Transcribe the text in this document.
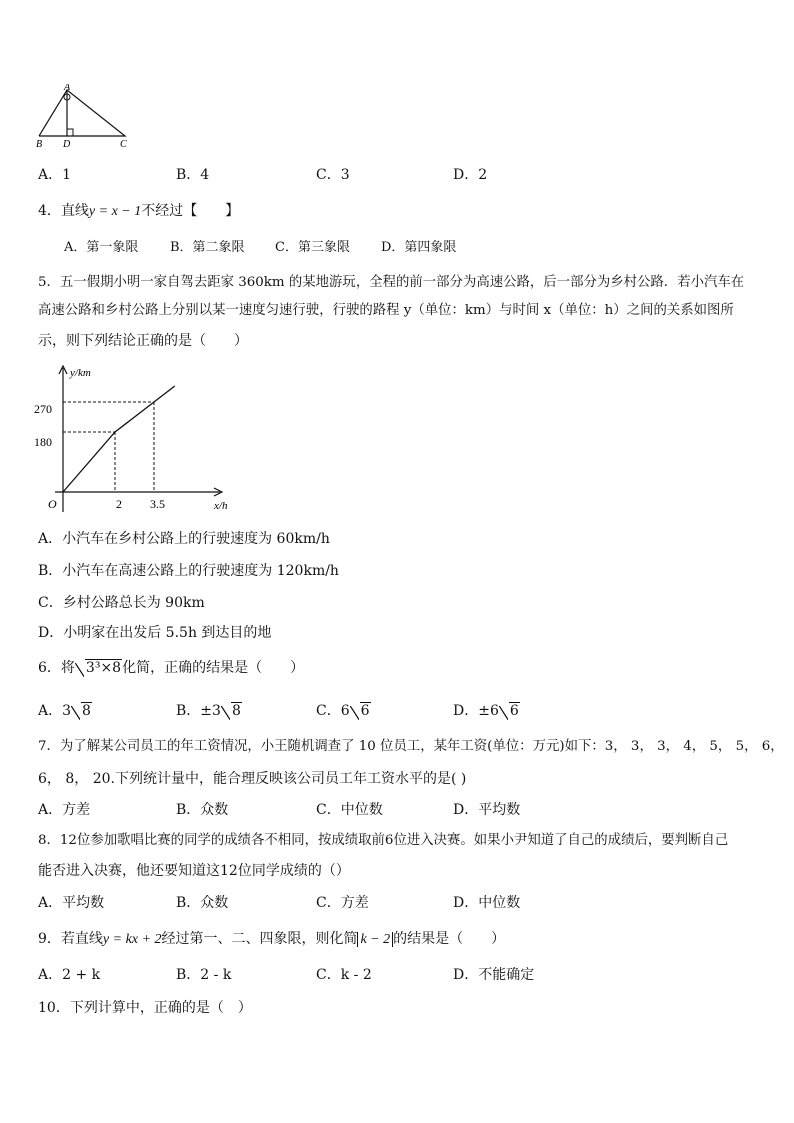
A
B D	C
A．1	B．4	C．3	D．2
4．直线y = x − 1不经过【　　】
A．第一象限 B．第二象限 C．第三象限 D．第四象限
5．五一假期小明一家自驾去距家 360km 的某地游玩，全程的前一部分为高速公路，后一部分为乡村公路．若小汽车在
高速公路和乡村公路上分别以某一速度匀速行驶，行驶的路程 y（单位：km）与时间 x（单位：h）之间的关系如图所
示，则下列结论正确的是（　　）
y/km
x/h
O
270
180
2 3.5
A．小汽车在乡村公路上的行驶速度为 60km/h
B．小汽车在高速公路上的行驶速度为 120km/h
C．乡村公路总长为 90km
D．小明家在出发后 5.5h 到达目的地
6．将 3³×8化简，正确的结果是（　　）
A．3 8	B．±3 8	C．6 6	D．±6 6
7．为了解某公司员工的年工资情况，小王随机调查了 10 位员工，某年工资(单位：万元)如下：3， 3， 3， 4， 5， 5， 6，
6， 8， 20.下列统计量中，能合理反映该公司员工年工资水平的是( )
A．方差	B．众数	C．中位数	D．平均数
8．12位参加歌唱比赛的同学的成绩各不相同，按成绩取前6位进入决赛。如果小尹知道了自己的成绩后，要判断自己
能否进入决赛，他还要知道这12位同学成绩的（）
A．平均数	B．众数	C．方差	D．中位数
9．若直线y = kx + 2经过第一、二、四象限，则化简 k − 2 的结果是（　　）
A．2 + k	B．2 - k	C．k - 2	D．不能确定
10．下列计算中，正确的是（　）
